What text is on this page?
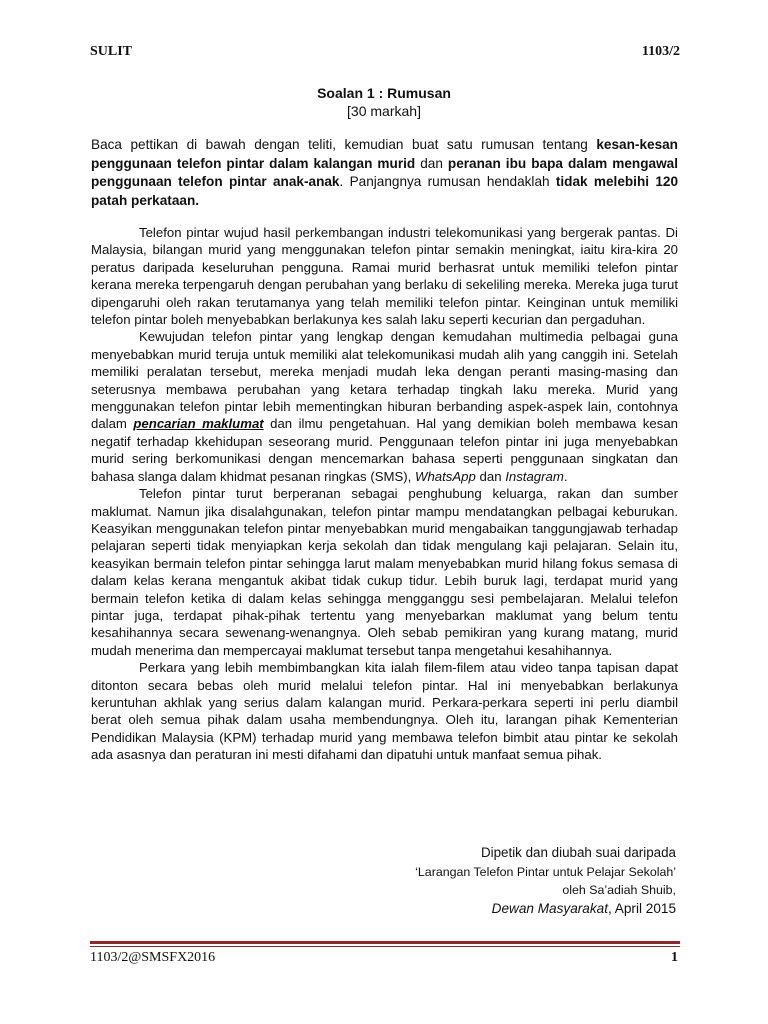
SULIT	1103/2
Soalan 1 : Rumusan
[30 markah]
Baca pettikan di bawah dengan teliti, kemudian buat satu rumusan tentang kesan-kesan penggunaan telefon pintar dalam kalangan murid dan peranan ibu bapa dalam mengawal penggunaan telefon pintar anak-anak. Panjangnya rumusan hendaklah tidak melebihi 120 patah perkataan.

Telefon pintar wujud hasil perkembangan industri telekomunikasi yang bergerak pantas. Di Malaysia, bilangan murid yang menggunakan telefon pintar semakin meningkat, iaitu kira-kira 20 peratus daripada keseluruhan pengguna. Ramai murid berhasrat untuk memiliki telefon pintar kerana mereka terpengaruh dengan perubahan yang berlaku di sekeliling mereka. Mereka juga turut dipengaruhi oleh rakan terutamanya yang telah memiliki telefon pintar. Keinginan untuk memiliki telefon pintar boleh menyebabkan berlakunya kes salah laku seperti kecurian dan pergaduhan.

Kewujudan telefon pintar yang lengkap dengan kemudahan multimedia pelbagai guna menyebabkan murid teruja untuk memiliki alat telekomunikasi mudah alih yang canggih ini. Setelah memiliki peralatan tersebut, mereka menjadi mudah leka dengan peranti masing-masing dan seterusnya membawa perubahan yang ketara terhadap tingkah laku mereka. Murid yang menggunakan telefon pintar lebih mementingkan hiburan berbanding aspek-aspek lain, contohnya dalam pencarian maklumat dan ilmu pengetahuan. Hal yang demikian boleh membawa kesan negatif terhadap kkehidupan seseorang murid. Penggunaan telefon pintar ini juga menyebabkan murid sering berkomunikasi dengan mencemarkan bahasa seperti penggunaan singkatan dan bahasa slanga dalam khidmat pesanan ringkas (SMS), WhatsApp dan Instagram.

Telefon pintar turut berperanan sebagai penghubung keluarga, rakan dan sumber maklumat. Namun jika disalahgunakan, telefon pintar mampu mendatangkan pelbagai keburukan. Keasyikan menggunakan telefon pintar menyebabkan murid mengabaikan tanggungjawab terhadap pelajaran seperti tidak menyiapkan kerja sekolah dan tidak mengulang kaji pelajaran. Selain itu, keasyikan bermain telefon pintar sehingga larut malam menyebabkan murid hilang fokus semasa di dalam kelas kerana mengantuk akibat tidak cukup tidur. Lebih buruk lagi, terdapat murid yang bermain telefon ketika di dalam kelas sehingga mengganggu sesi pembelajaran. Melalui telefon pintar juga, terdapat pihak-pihak tertentu yang menyebarkan maklumat yang belum tentu kesahihannya secara sewenang-wenangnya. Oleh sebab pemikiran yang kurang matang, murid mudah menerima dan mempercayai maklumat tersebut tanpa mengetahui kesahihannya.

Perkara yang lebih membimbangkan kita ialah filem-filem atau video tanpa tapisan dapat ditonton secara bebas oleh murid melalui telefon pintar. Hal ini menyebabkan berlakunya keruntuhan akhlak yang serius dalam kalangan murid. Perkara-perkara seperti ini perlu diambil berat oleh semua pihak dalam usaha membendungnya. Oleh itu, larangan pihak Kementerian Pendidikan Malaysia (KPM) terhadap murid yang membawa telefon bimbit atau pintar ke sekolah ada asasnya dan peraturan ini mesti difahami dan dipatuhi untuk manfaat semua pihak.

Dipetik dan diubah suai daripada
‘Larangan Telefon Pintar untuk Pelajar Sekolah’
oleh Sa’adiah Shuib,
Dewan Masyarakat, April 2015
1103/2@SMSFX2016	1
